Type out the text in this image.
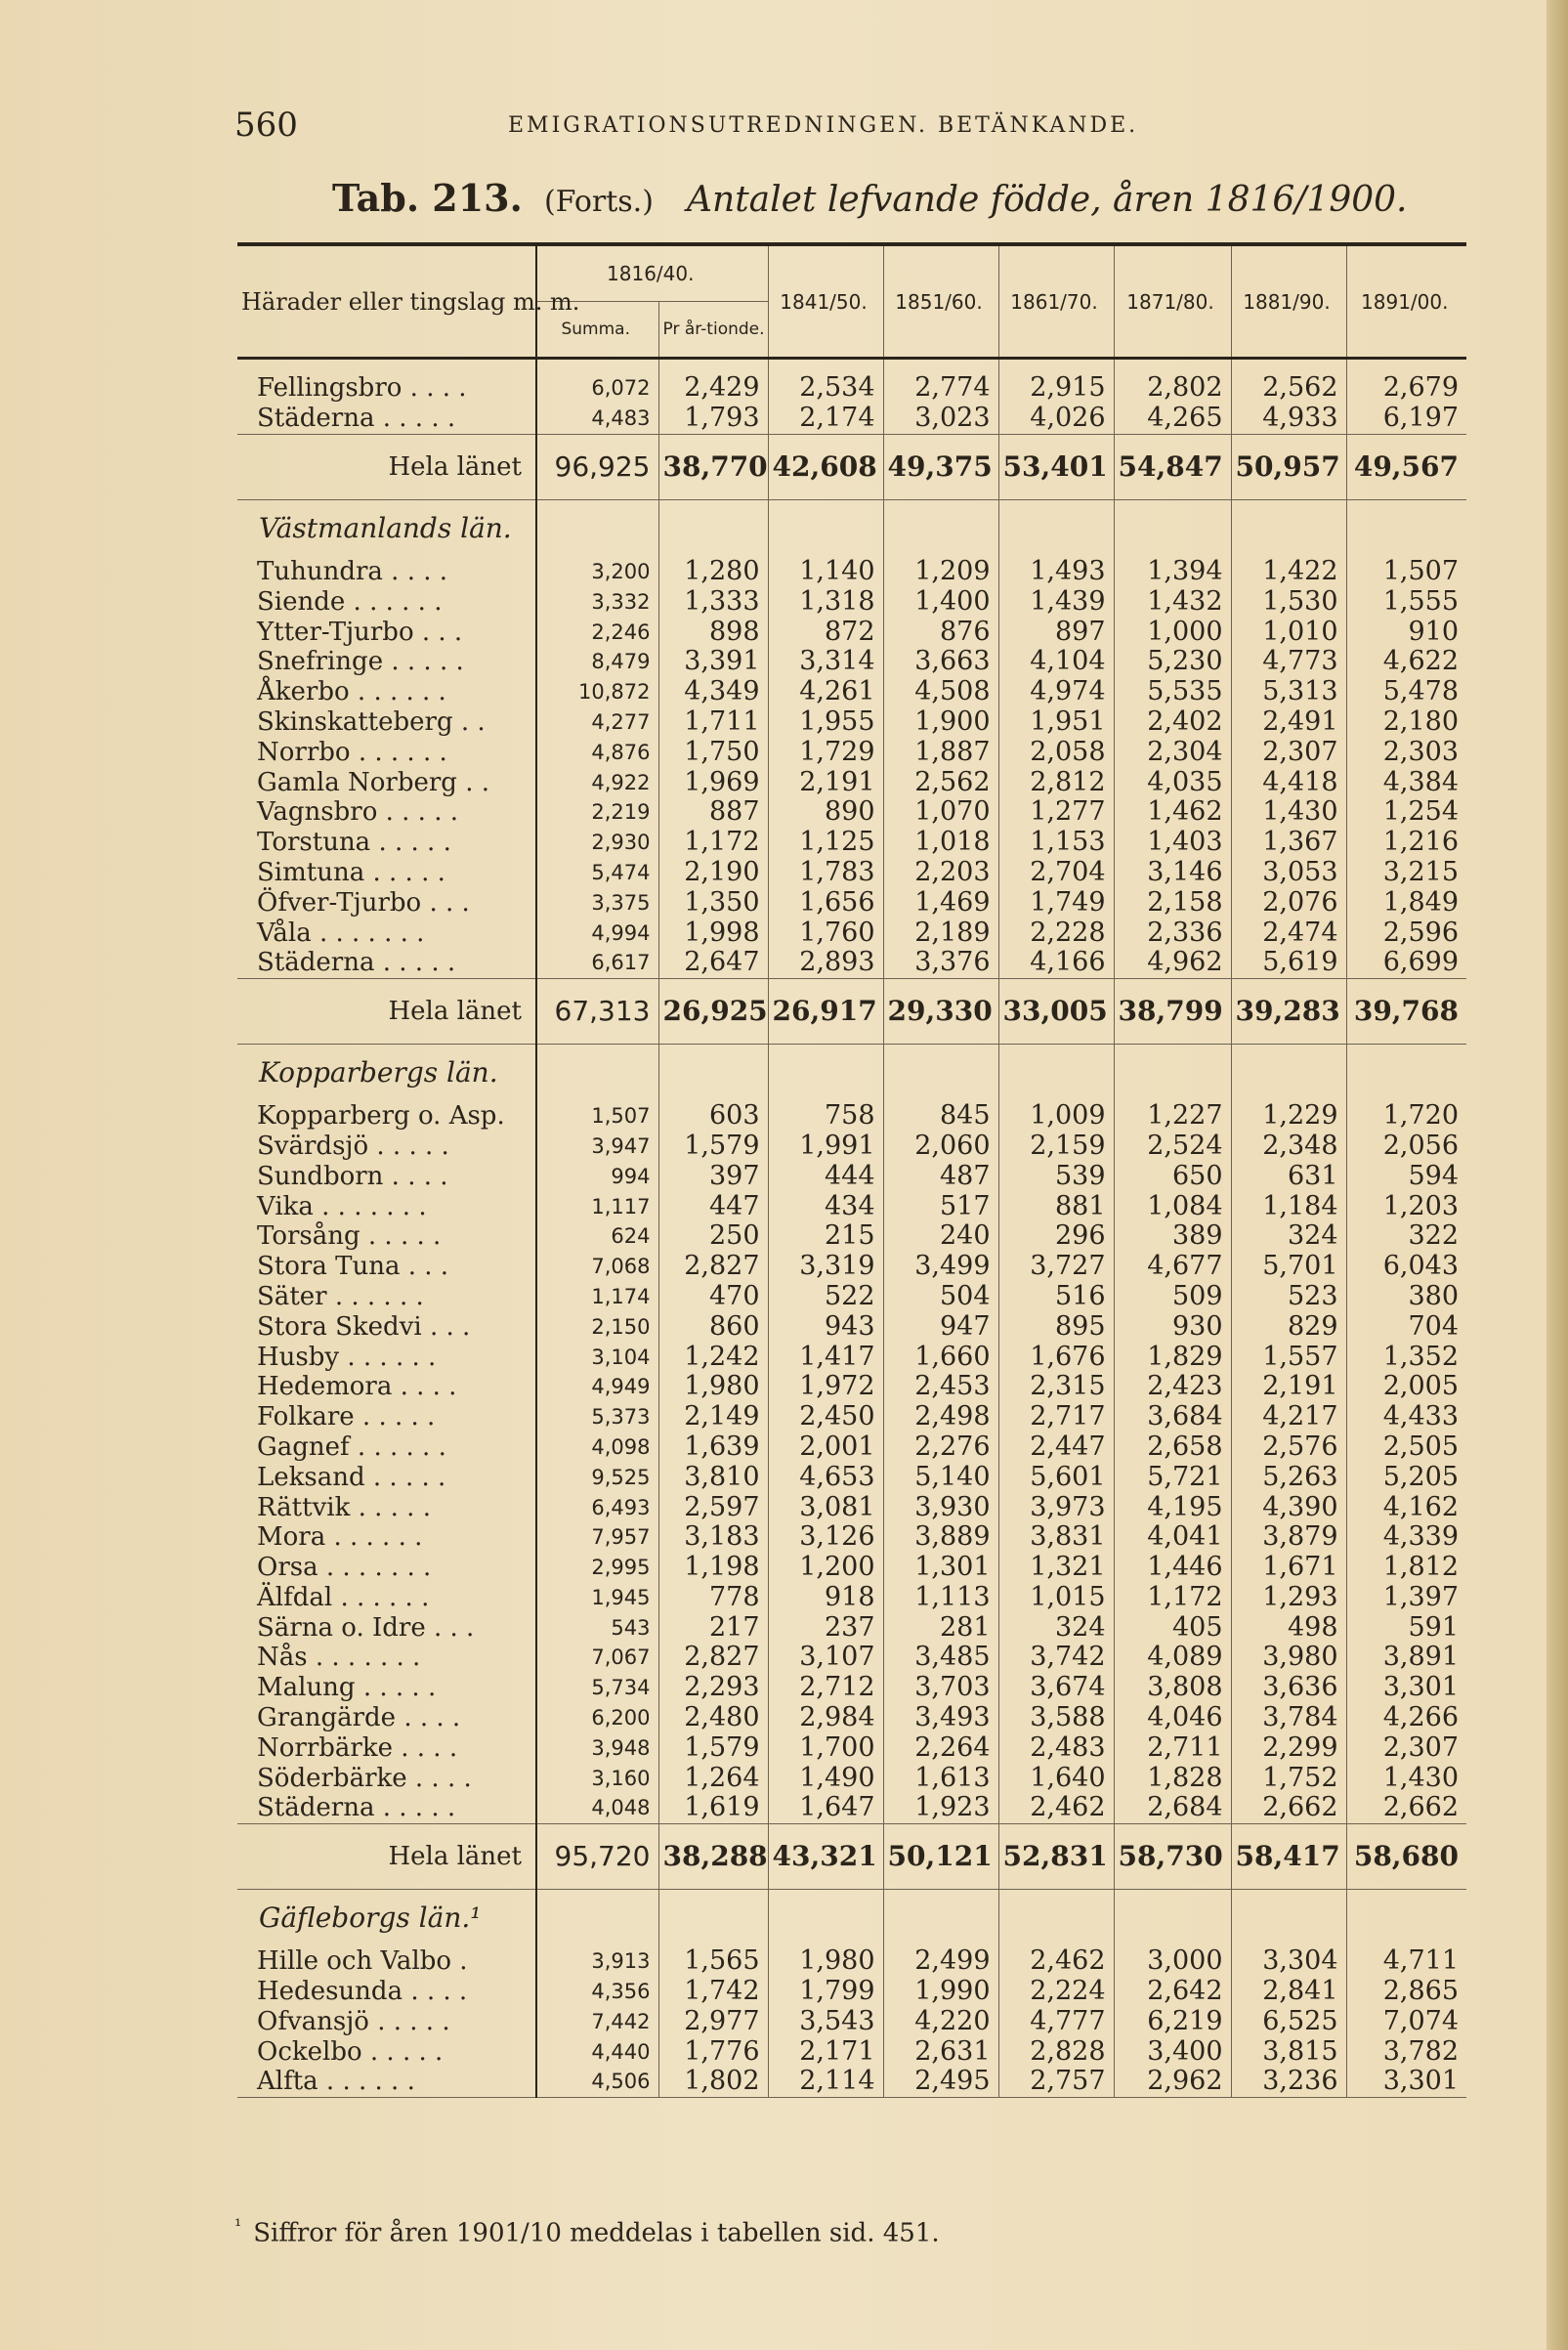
560	EMIGRATIONSUTREDNINGEN. BETÄNKANDE.
Tab. 213. (Forts.) Antalet lefvande födde, åren 1816/1900.
Härader eller tingslag m. m.	1816/40.		1841/50.	1851/60.	1861/70.	1871/80.	1881/90.	1891/00.
	Summa.	Pr år-tionde.						

Fellingsbro . . . .	6,072	2,429	2,534	2,774	2,915	2,802	2,562	2,679
Städerna . . . . .	4,483	1,793	2,174	3,023	4,026	4,265	4,933	6,197
Hela länet	96,925	38,770	42,608	49,375	53,401	54,847	50,957	49,567
Västmanlands län.								
Tuhundra . . . .	3,200	1,280	1,140	1,209	1,493	1,394	1,422	1,507
Siende . . . . . .	3,332	1,333	1,318	1,400	1,439	1,432	1,530	1,555
Ytter-Tjurbo . . .	2,246	898	872	876	897	1,000	1,010	910
Snefringe . . . . .	8,479	3,391	3,314	3,663	4,104	5,230	4,773	4,622
Åkerbo . . . . . .	10,872	4,349	4,261	4,508	4,974	5,535	5,313	5,478
Skinskatteberg . .	4,277	1,711	1,955	1,900	1,951	2,402	2,491	2,180
Norrbo . . . . . .	4,876	1,750	1,729	1,887	2,058	2,304	2,307	2,303
Gamla Norberg . .	4,922	1,969	2,191	2,562	2,812	4,035	4,418	4,384
Vagnsbro . . . . .	2,219	887	890	1,070	1,277	1,462	1,430	1,254
Torstuna . . . . .	2,930	1,172	1,125	1,018	1,153	1,403	1,367	1,216
Simtuna . . . . .	5,474	2,190	1,783	2,203	2,704	3,146	3,053	3,215
Öfver-Tjurbo . . .	3,375	1,350	1,656	1,469	1,749	2,158	2,076	1,849
Våla . . . . . . .	4,994	1,998	1,760	2,189	2,228	2,336	2,474	2,596
Städerna . . . . .	6,617	2,647	2,893	3,376	4,166	4,962	5,619	6,699
Hela länet	67,313	26,925	26,917	29,330	33,005	38,799	39,283	39,768
Kopparbergs län.								
Kopparberg o. Asp.	1,507	603	758	845	1,009	1,227	1,229	1,720
Svärdsjö . . . . .	3,947	1,579	1,991	2,060	2,159	2,524	2,348	2,056
Sundborn . . . .	994	397	444	487	539	650	631	594
Vika . . . . . . .	1,117	447	434	517	881	1,084	1,184	1,203
Torsång . . . . .	624	250	215	240	296	389	324	322
Stora Tuna . . .	7,068	2,827	3,319	3,499	3,727	4,677	5,701	6,043
Säter . . . . . .	1,174	470	522	504	516	509	523	380
Stora Skedvi . . .	2,150	860	943	947	895	930	829	704
Husby . . . . . .	3,104	1,242	1,417	1,660	1,676	1,829	1,557	1,352
Hedemora . . . .	4,949	1,980	1,972	2,453	2,315	2,423	2,191	2,005
Folkare . . . . .	5,373	2,149	2,450	2,498	2,717	3,684	4,217	4,433
Gagnef . . . . . .	4,098	1,639	2,001	2,276	2,447	2,658	2,576	2,505
Leksand . . . . .	9,525	3,810	4,653	5,140	5,601	5,721	5,263	5,205
Rättvik . . . . .	6,493	2,597	3,081	3,930	3,973	4,195	4,390	4,162
Mora . . . . . .	7,957	3,183	3,126	3,889	3,831	4,041	3,879	4,339
Orsa . . . . . . .	2,995	1,198	1,200	1,301	1,321	1,446	1,671	1,812
Älfdal . . . . . .	1,945	778	918	1,113	1,015	1,172	1,293	1,397
Särna o. Idre . . .	543	217	237	281	324	405	498	591
Nås . . . . . . .	7,067	2,827	3,107	3,485	3,742	4,089	3,980	3,891
Malung . . . . .	5,734	2,293	2,712	3,703	3,674	3,808	3,636	3,301
Grangärde . . . .	6,200	2,480	2,984	3,493	3,588	4,046	3,784	4,266
Norrbärke . . . .	3,948	1,579	1,700	2,264	2,483	2,711	2,299	2,307
Söderbärke . . . .	3,160	1,264	1,490	1,613	1,640	1,828	1,752	1,430
Städerna . . . . .	4,048	1,619	1,647	1,923	2,462	2,684	2,662	2,662
Hela länet	95,720	38,288	43,321	50,121	52,831	58,730	58,417	58,680
Gäfleborgs län.¹								
Hille och Valbo .	3,913	1,565	1,980	2,499	2,462	3,000	3,304	4,711
Hedesunda . . . .	4,356	1,742	1,799	1,990	2,224	2,642	2,841	2,865
Ofvansjö . . . . .	7,442	2,977	3,543	4,220	4,777	6,219	6,525	7,074
Ockelbo . . . . .	4,440	1,776	2,171	2,631	2,828	3,400	3,815	3,782
Alfta . . . . . .	4,506	1,802	2,114	2,495	2,757	2,962	3,236	3,301
$^{^1}$ Siffror för åren 1901/10 meddelas i tabellen sid. 451.
